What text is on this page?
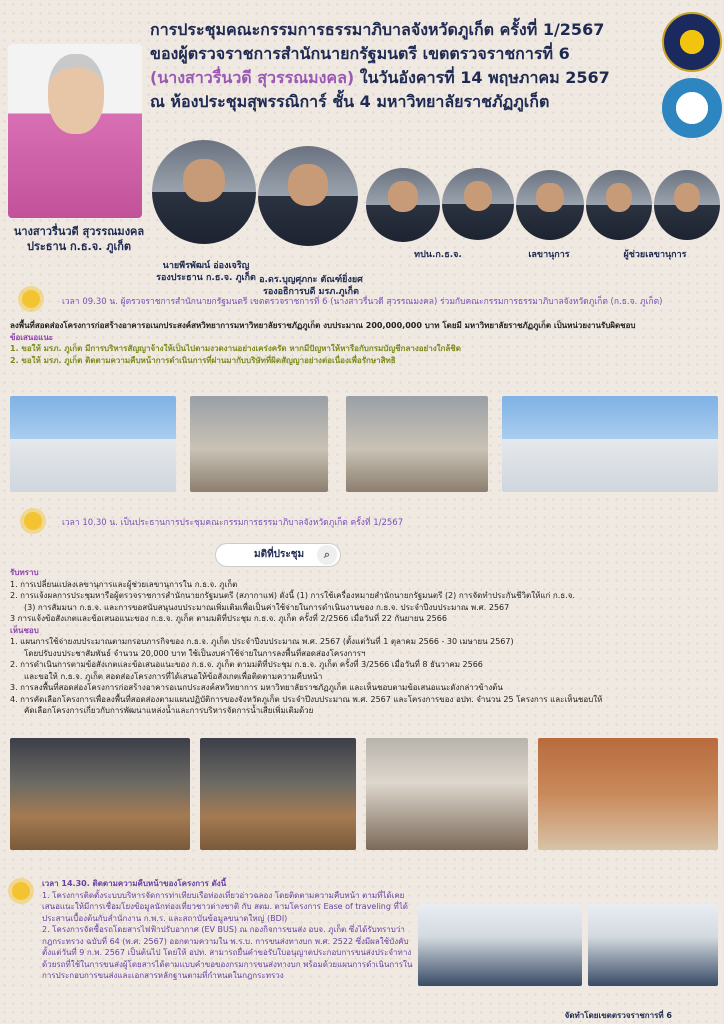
การประชุมคณะกรรมการธรรมาภิบาลจังหวัดภูเก็ต ครั้งที่ 1/2567
ของผู้ตรวจราชการสำนักนายกรัฐมนตรี เขตตรวจราชการที่ 6
(นางสาวรื่นวดี สุวรรณมงคล) ในวันอังคารที่ 14 พฤษภาคม 2567
ณ ห้องประชุมสุพรรณิการ์ ชั้น 4 มหาวิทยาลัยราชภัฏภูเก็ต
นางสาวรื่นวดี สุวรรณมงคล
ประธาน ก.ธ.จ. ภูเก็ต
นายพีรพัฒน์ อ่องเจริญ
รองประธาน ก.ธ.จ. ภูเก็ต อ.ดร.บุญศุภกะ ตัณฑ์ยิ่งยศ
รองอธิการบดี มรภ.ภูเก็ต
ทปน.ก.ธ.จ.	เลขานุการ	ผู้ช่วยเลขานุการ
เวลา 09.30 น. ผู้ตรวจราชการสำนักนายกรัฐมนตรี เขตตรวจราชการที่ 6 (นางสาวรื่นวดี สุวรรณมงคล) ร่วมกับคณะกรรมการธรรมาภิบาลจังหวัดภูเก็ต (ก.ธ.จ. ภูเก็ต)
ลงพื้นที่สอดส่องโครงการก่อสร้างอาคารอเนกประสงค์สหวิทยาการมหาวิทยาลัยราชภัฏภูเก็ต งบประมาณ 200,000,000 บาท โดยมี มหาวิทยาลัยราชภัฏภูเก็ต เป็นหน่วยงานรับผิดชอบ
ข้อเสนอแนะ
1. ขอให้ มรภ. ภูเก็ต มีการบริหารสัญญาจ้างให้เป็นไปตามงวดงานอย่างเคร่งครัด หากมีปัญหาให้หารือกับกรมบัญชีกลางอย่างใกล้ชิด
2. ขอให้ มรภ. ภูเก็ต ติดตามความคืบหน้าการดำเนินการที่ผ่านมากับบริษัทที่ผิดสัญญาอย่างต่อเนื่องเพื่อรักษาสิทธิ
เวลา 10.30 น. เป็นประธานการประชุมคณะกรรมการธรรมาภิบาลจังหวัดภูเก็ต ครั้งที่ 1/2567
มติที่ประชุม	⌕
รับทราบ
1. การเปลี่ยนแปลงเลขานุการและผู้ช่วยเลขานุการใน ก.ธ.จ. ภูเก็ต
2. การแจ้งผลการประชุมหารือผู้ตรวจราชการสำนักนายกรัฐมนตรี (สภากาแฟ) ดังนี้ (1) การใช้เครื่องหมายสำนักนายกรัฐมนตรี (2) การจัดทำประกันชีวิตให้แก่ ก.ธ.จ.
(3) การสัมมนา ก.ธ.จ. และการขอสนับสนุนงบประมาณเพิ่มเติมเพื่อเป็นค่าใช้จ่ายในการดำเนินงานของ ก.ธ.จ. ประจำปีงบประมาณ พ.ศ. 2567
3 การแจ้งข้อสังเกตและข้อเสนอแนะของ ก.ธ.จ. ภูเก็ต ตามมติที่ประชุม ก.ธ.จ. ภูเก็ต ครั้งที่ 2/2566 เมื่อวันที่ 22 กันยายน 2566
เห็นชอบ
1. แผนการใช้จ่ายงบประมาณตามกรอบภารกิจของ ก.ธ.จ. ภูเก็ต ประจำปีงบประมาณ พ.ศ. 2567 (ตั้งแต่วันที่ 1 ตุลาคม 2566 - 30 เมษายน 2567)
โดยปรับงบประชาสัมพันธ์ จำนวน 20,000 บาท ใช้เป็นงบค่าใช้จ่ายในการลงพื้นที่สอดส่องโครงการฯ
2. การดำเนินการตามข้อสังเกตและข้อเสนอแนะของ ก.ธ.จ. ภูเก็ต ตามมติที่ประชุม ก.ธ.จ. ภูเก็ต ครั้งที่ 3/2566 เมื่อวันที่ 8 ธันวาคม 2566
และขอให้ ก.ธ.จ. ภูเก็ต สอดส่องโครงการที่ได้เสนอให้ข้อสังเกตเพื่อติดตามความคืบหน้า
3. การลงพื้นที่สอดส่องโครงการก่อสร้างอาคารอเนกประสงค์สหวิทยาการ มหาวิทยาลัยราชภัฏภูเก็ต และเห็นชอบตามข้อเสนอแนะดังกล่าวข้างต้น
4. การคัดเลือกโครงการเพื่อลงพื้นที่สอดส่องตามแผนปฏิบัติการของจังหวัดภูเก็ต ประจำปีงบประมาณ พ.ศ. 2567 และโครงการของ อปท. จำนวน 25 โครงการ และเห็นชอบให้
คัดเลือกโครงการเกี่ยวกับการพัฒนาแหล่งน้ำและการบริหารจัดการน้ำเสียเพิ่มเติมด้วย
เวลา 14.30. ติดตามความคืบหน้าของโครงการ ดังนี้
1. โครงการติดตั้งระบบบริหารจัดการท่าเทียบเรือท่องเที่ยวอ่าวฉลอง โดยติดตามความคืบหน้า ตามที่ได้เคยเสนอแนะให้มีการเชื่อมโยงข้อมูลนักท่องเที่ยวชาวต่างชาติ กับ สตม. ตามโครงการ Ease of traveling ที่ได้ประสานเบื้องต้นกับสำนักงาน ก.พ.ร. และสถาบันข้อมูลขนาดใหญ่ (BDI)
2. โครงการจัดซื้อรถโดยสารไฟฟ้าปรับอากาศ (EV BUS) ณ กองกิจการขนส่ง อบจ. ภูเก็ต ซึ่งได้รับทราบว่า กฎกระทรวง ฉบับที่ 64 (พ.ศ. 2567) ออกตามความใน พ.ร.บ. การขนส่งทางบก พ.ศ. 2522 ซึ่งมีผลใช้บังคับ ตั้งแต่วันที่ 9 ก.พ. 2567 เป็นต้นไป โดยให้ อปท. สามารถยื่นคำขอรับใบอนุญาตประกอบการขนส่งประจำทางด้วยรถที่ใช้ในการขนส่งผู้โดยสารได้ตามแบบคำขอของกรมการขนส่งทางบก พร้อมด้วยแผนการดำเนินการในการประกอบการขนส่งและเอกสารหลักฐานตามที่กำหนดในกฎกระทรวง
จัดทำโดยเขตตรวจราชการที่ 6
